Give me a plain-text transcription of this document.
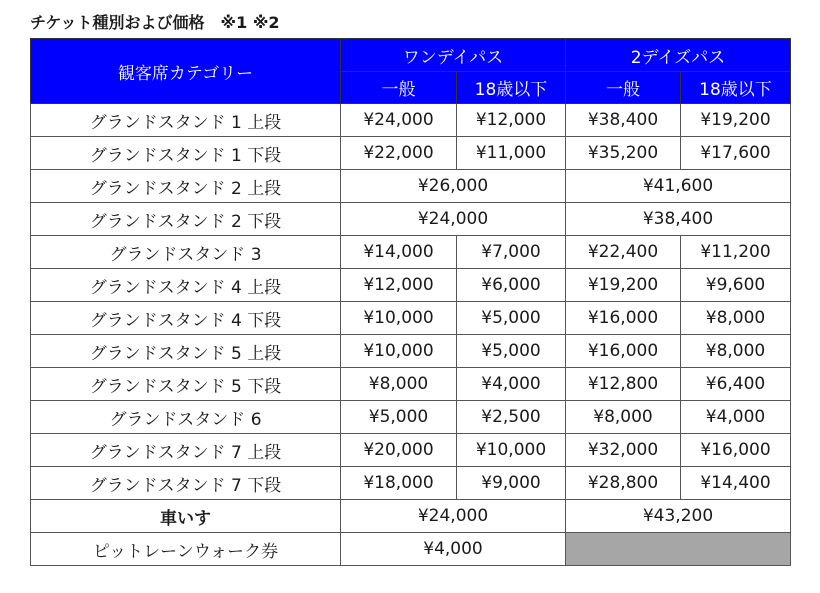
チケット種別および価格　※1 ※2
観客席カテゴリー	ワンデイパス		2デイズパス	
	一般	18歳以下	一般	18歳以下
グランドスタンド 1 上段	¥24,000	¥12,000	¥38,400	¥19,200
グランドスタンド 1 下段	¥22,000	¥11,000	¥35,200	¥17,600
グランドスタンド 2 上段	¥26,000		¥41,600	
グランドスタンド 2 下段	¥24,000		¥38,400	
グランドスタンド 3	¥14,000	¥7,000	¥22,400	¥11,200
グランドスタンド 4 上段	¥12,000	¥6,000	¥19,200	¥9,600
グランドスタンド 4 下段	¥10,000	¥5,000	¥16,000	¥8,000
グランドスタンド 5 上段	¥10,000	¥5,000	¥16,000	¥8,000
グランドスタンド 5 下段	¥8,000	¥4,000	¥12,800	¥6,400
グランドスタンド 6	¥5,000	¥2,500	¥8,000	¥4,000
グランドスタンド 7 上段	¥20,000	¥10,000	¥32,000	¥16,000
グランドスタンド 7 下段	¥18,000	¥9,000	¥28,800	¥14,400
車いす	¥24,000		¥43,200	
ピットレーンウォーク券	¥4,000			
